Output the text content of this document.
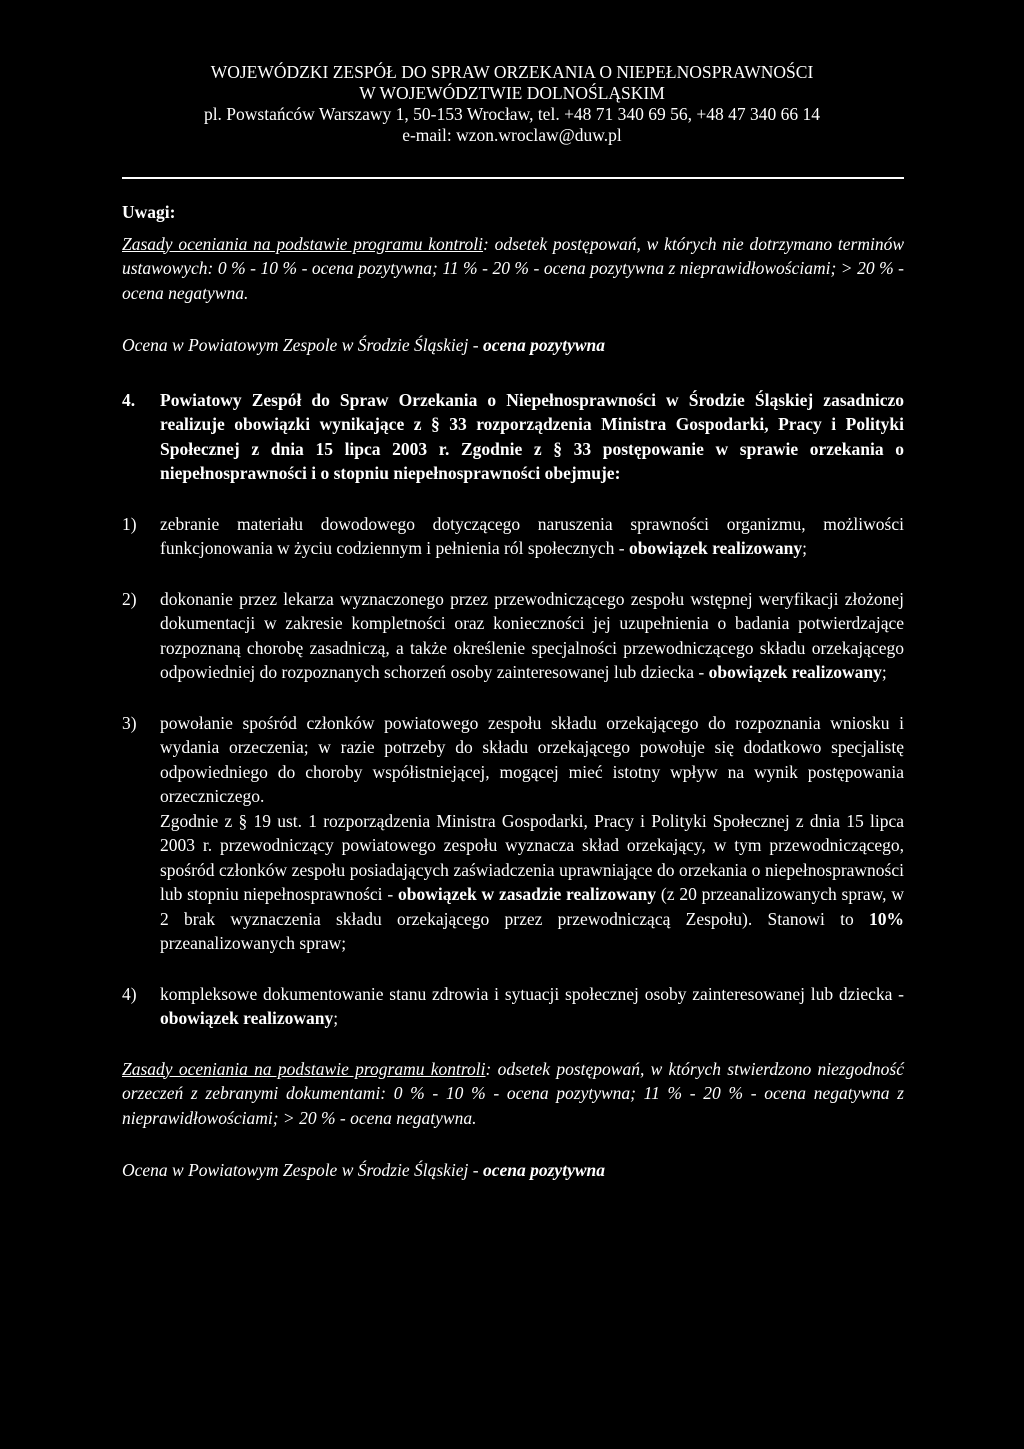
WOJEWÓDZKI ZESPÓŁ DO SPRAW ORZEKANIA O NIEPEŁNOSPRAWNOŚCI
W WOJEWÓDZTWIE DOLNOŚLĄSKIM
pl. Powstańców Warszawy 1, 50-153 Wrocław, tel. +48 71 340 69 56, +48 47 340 66 14
e-mail: wzon.wroclaw@duw.pl

Uwagi:

Zasady oceniania na podstawie programu kontroli: odsetek postępowań, w których nie dotrzymano terminów ustawowych: 0 % - 10 % - ocena pozytywna; 11 % - 20 % - ocena pozytywna z nieprawidłowościami; > 20 % - ocena negatywna.

Ocena w Powiatowym Zespole w Środzie Śląskiej - ocena pozytywna

4.	Powiatowy Zespół do Spraw Orzekania o Niepełnosprawności w Środzie Śląskiej zasadniczo realizuje obowiązki wynikające z § 33 rozporządzenia Ministra Gospodarki, Pracy i Polityki Społecznej z dnia 15 lipca 2003 r. Zgodnie z § 33 postępowanie w sprawie orzekania o niepełnosprawności i o stopniu niepełnosprawności obejmuje:
1)	zebranie materiału dowodowego dotyczącego naruszenia sprawności organizmu, możliwości funkcjonowania w życiu codziennym i pełnienia ról społecznych - obowiązek realizowany;
2)	dokonanie przez lekarza wyznaczonego przez przewodniczącego zespołu wstępnej weryfikacji złożonej dokumentacji w zakresie kompletności oraz konieczności jej uzupełnienia o badania potwierdzające rozpoznaną chorobę zasadniczą, a także określenie specjalności przewodniczącego składu orzekającego odpowiedniej do rozpoznanych schorzeń osoby zainteresowanej lub dziecka - obowiązek realizowany;
3)	powołanie spośród członków powiatowego zespołu składu orzekającego do rozpoznania wniosku i wydania orzeczenia; w razie potrzeby do składu orzekającego powołuje się dodatkowo specjalistę odpowiedniego do choroby współistniejącej, mogącej mieć istotny wpływ na wynik postępowania orzeczniczego.

Zgodnie z § 19 ust. 1 rozporządzenia Ministra Gospodarki, Pracy i Polityki Społecznej z dnia 15 lipca 2003 r. przewodniczący powiatowego zespołu wyznacza skład orzekający, w tym przewodniczącego, spośród członków zespołu posiadających zaświadczenia uprawniające do orzekania o niepełnosprawności lub stopniu niepełnosprawności - obowiązek w zasadzie realizowany (z 20 przeanalizowanych spraw, w 2 brak wyznaczenia składu orzekającego przez przewodniczącą Zespołu). Stanowi to 10% przeanalizowanych spraw;

4)	kompleksowe dokumentowanie stanu zdrowia i sytuacji społecznej osoby zainteresowanej lub dziecka - obowiązek realizowany;

Zasady oceniania na podstawie programu kontroli: odsetek postępowań, w których stwierdzono niezgodność orzeczeń z zebranymi dokumentami: 0 % - 10 % - ocena pozytywna; 11 % - 20 % - ocena negatywna z nieprawidłowościami; > 20 % - ocena negatywna.

Ocena w Powiatowym Zespole w Środzie Śląskiej - ocena pozytywna
